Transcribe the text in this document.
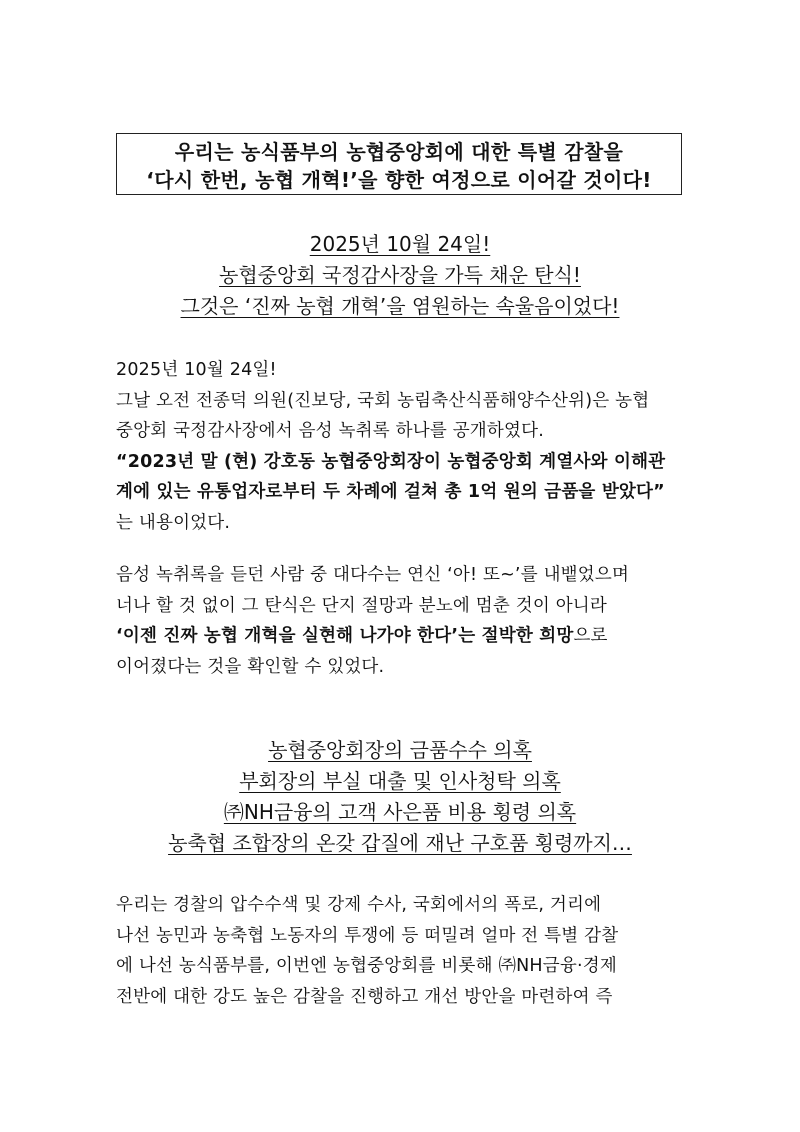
우리는 농식품부의 농협중앙회에 대한 특별 감찰을
‘다시 한번, 농협 개혁!’을 향한 여정으로 이어갈 것이다!
2025년 10월 24일!
농협중앙회 국정감사장을 가득 채운 탄식!
그것은 ‘진짜 농협 개혁’을 염원하는 속울음이었다!
2025년 10월 24일!
그날 오전 전종덕 의원(진보당, 국회 농림축산식품해양수산위)은 농협
중앙회 국정감사장에서 음성 녹취록 하나를 공개하였다.
“2023년 말 (현) 강호동 농협중앙회장이 농협중앙회 계열사와 이해관
계에 있는 유통업자로부터 두 차례에 걸쳐 총 1억 원의 금품을 받았다”
는 내용이었다.
음성 녹취록을 듣던 사람 중 대다수는 연신 ‘아! 또~’를 내뱉었으며
너나 할 것 없이 그 탄식은 단지 절망과 분노에 멈춘 것이 아니라
‘이젠 진짜 농협 개혁을 실현해 나가야 한다’는 절박한 희망으로
이어졌다는 것을 확인할 수 있었다.
농협중앙회장의 금품수수 의혹
부회장의 부실 대출 및 인사청탁 의혹
㈜NH금융의 고객 사은품 비용 횡령 의혹
농축협 조합장의 온갖 갑질에 재난 구호품 횡령까지…
우리는 경찰의 압수수색 및 강제 수사, 국회에서의 폭로, 거리에
나선 농민과 농축협 노동자의 투쟁에 등 떠밀려 얼마 전 특별 감찰
에 나선 농식품부를, 이번엔 농협중앙회를 비롯해 ㈜NH금융·경제
전반에 대한 강도 높은 감찰을 진행하고 개선 방안을 마련하여 즉
